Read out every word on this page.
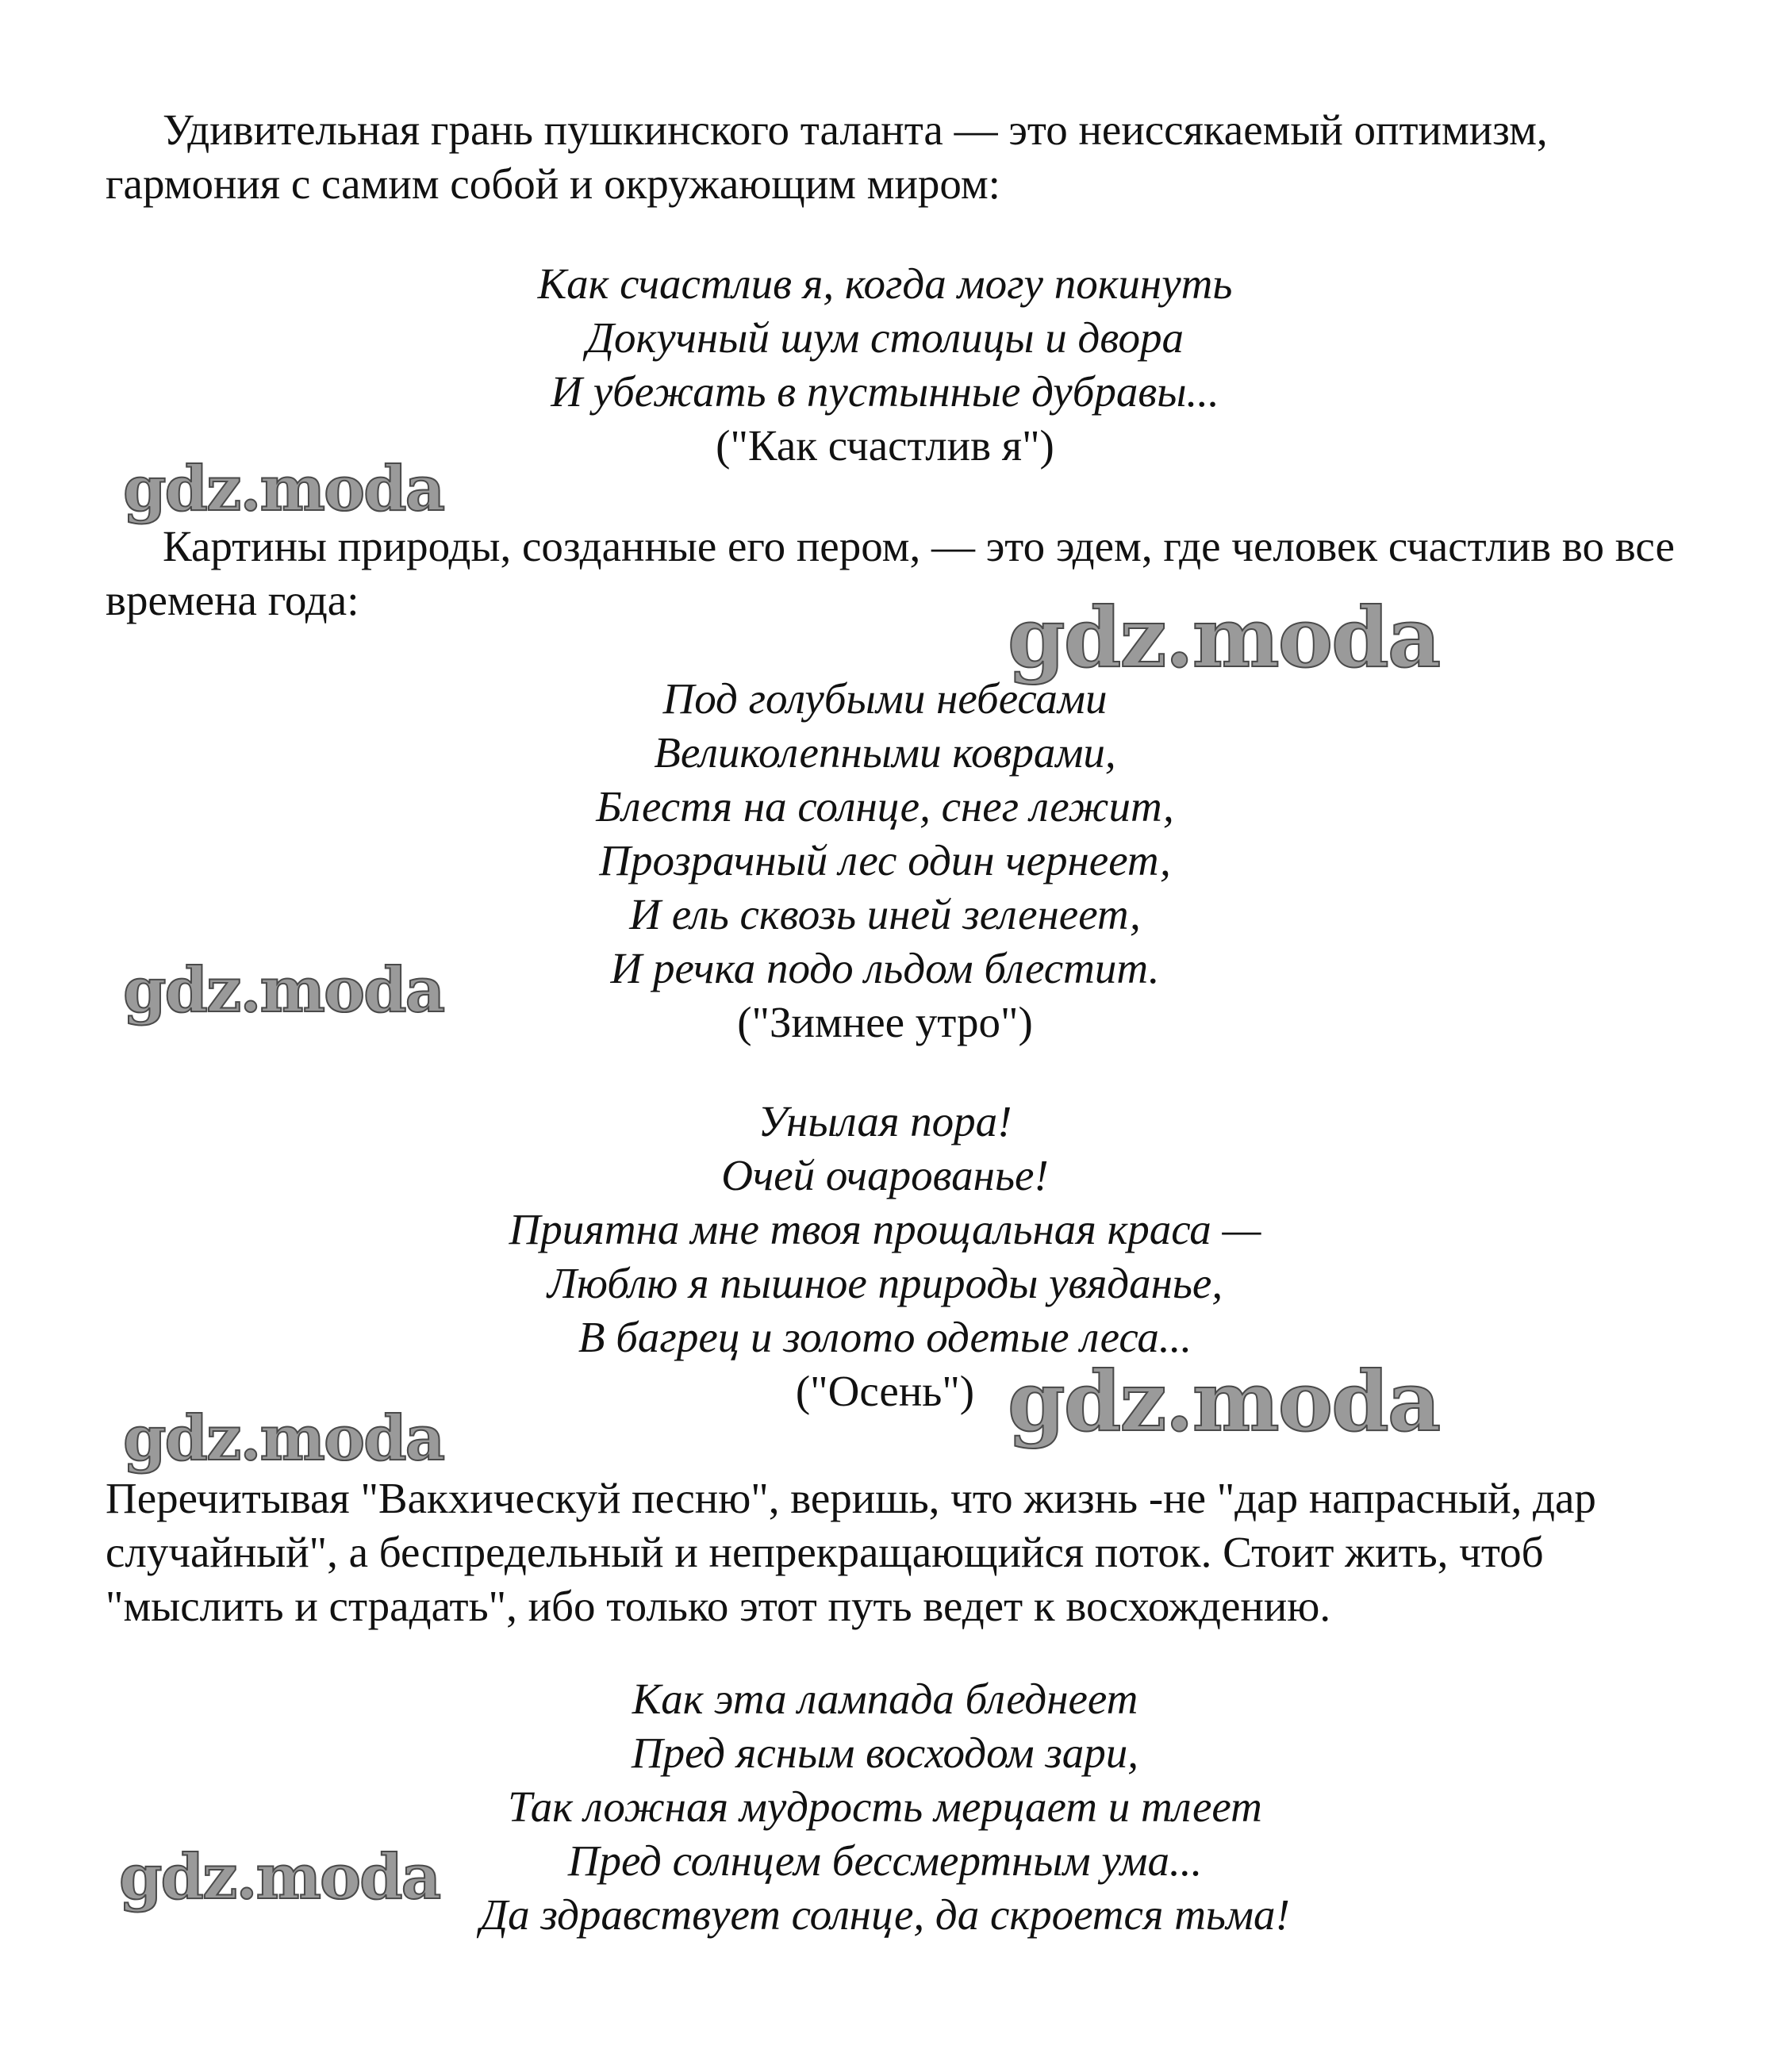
Удивительная грань пушкинского таланта — это неиссякаемый оптимизм, гармония с самим собой и окружающим миром:

Как счастлив я, когда могу покинуть
Докучный шум столицы и двора
И убежать в пустынные дубравы...
("Как счастлив я")

Картины природы, созданные его пером, — это эдем, где человек счастлив во все времена года:

Под голубыми небесами
Великолепными коврами,
Блестя на солнце, снег лежит,
Прозрачный лес один чернеет,
И ель сквозь иней зеленеет,
И речка подо льдом блестит.
("Зимнее утро")
Унылая пора!
Очей очарованье!
Приятна мне твоя прощальная краса —
Люблю я пышное природы увяданье,
В багрец и золото одетые леса...
("Осень")

Перечитывая "Вакхическуй песню", веришь, что жизнь -не "дар напрасный, дар случайный", а беспредельный и непрекращающийся поток. Стоит жить, чтоб "мыслить и страдать", ибо только этот путь ведет к восхождению.

Как эта лампада бледнеет
Пред ясным восходом зари,
Так ложная мудрость мерцает и тлеет
Пред солнцем бессмертным ума...
Да здравствует солнце, да скроется тьма!
gdz.moda
gdz.moda
gdz.moda
gdz.moda
gdz.moda
gdz.moda
